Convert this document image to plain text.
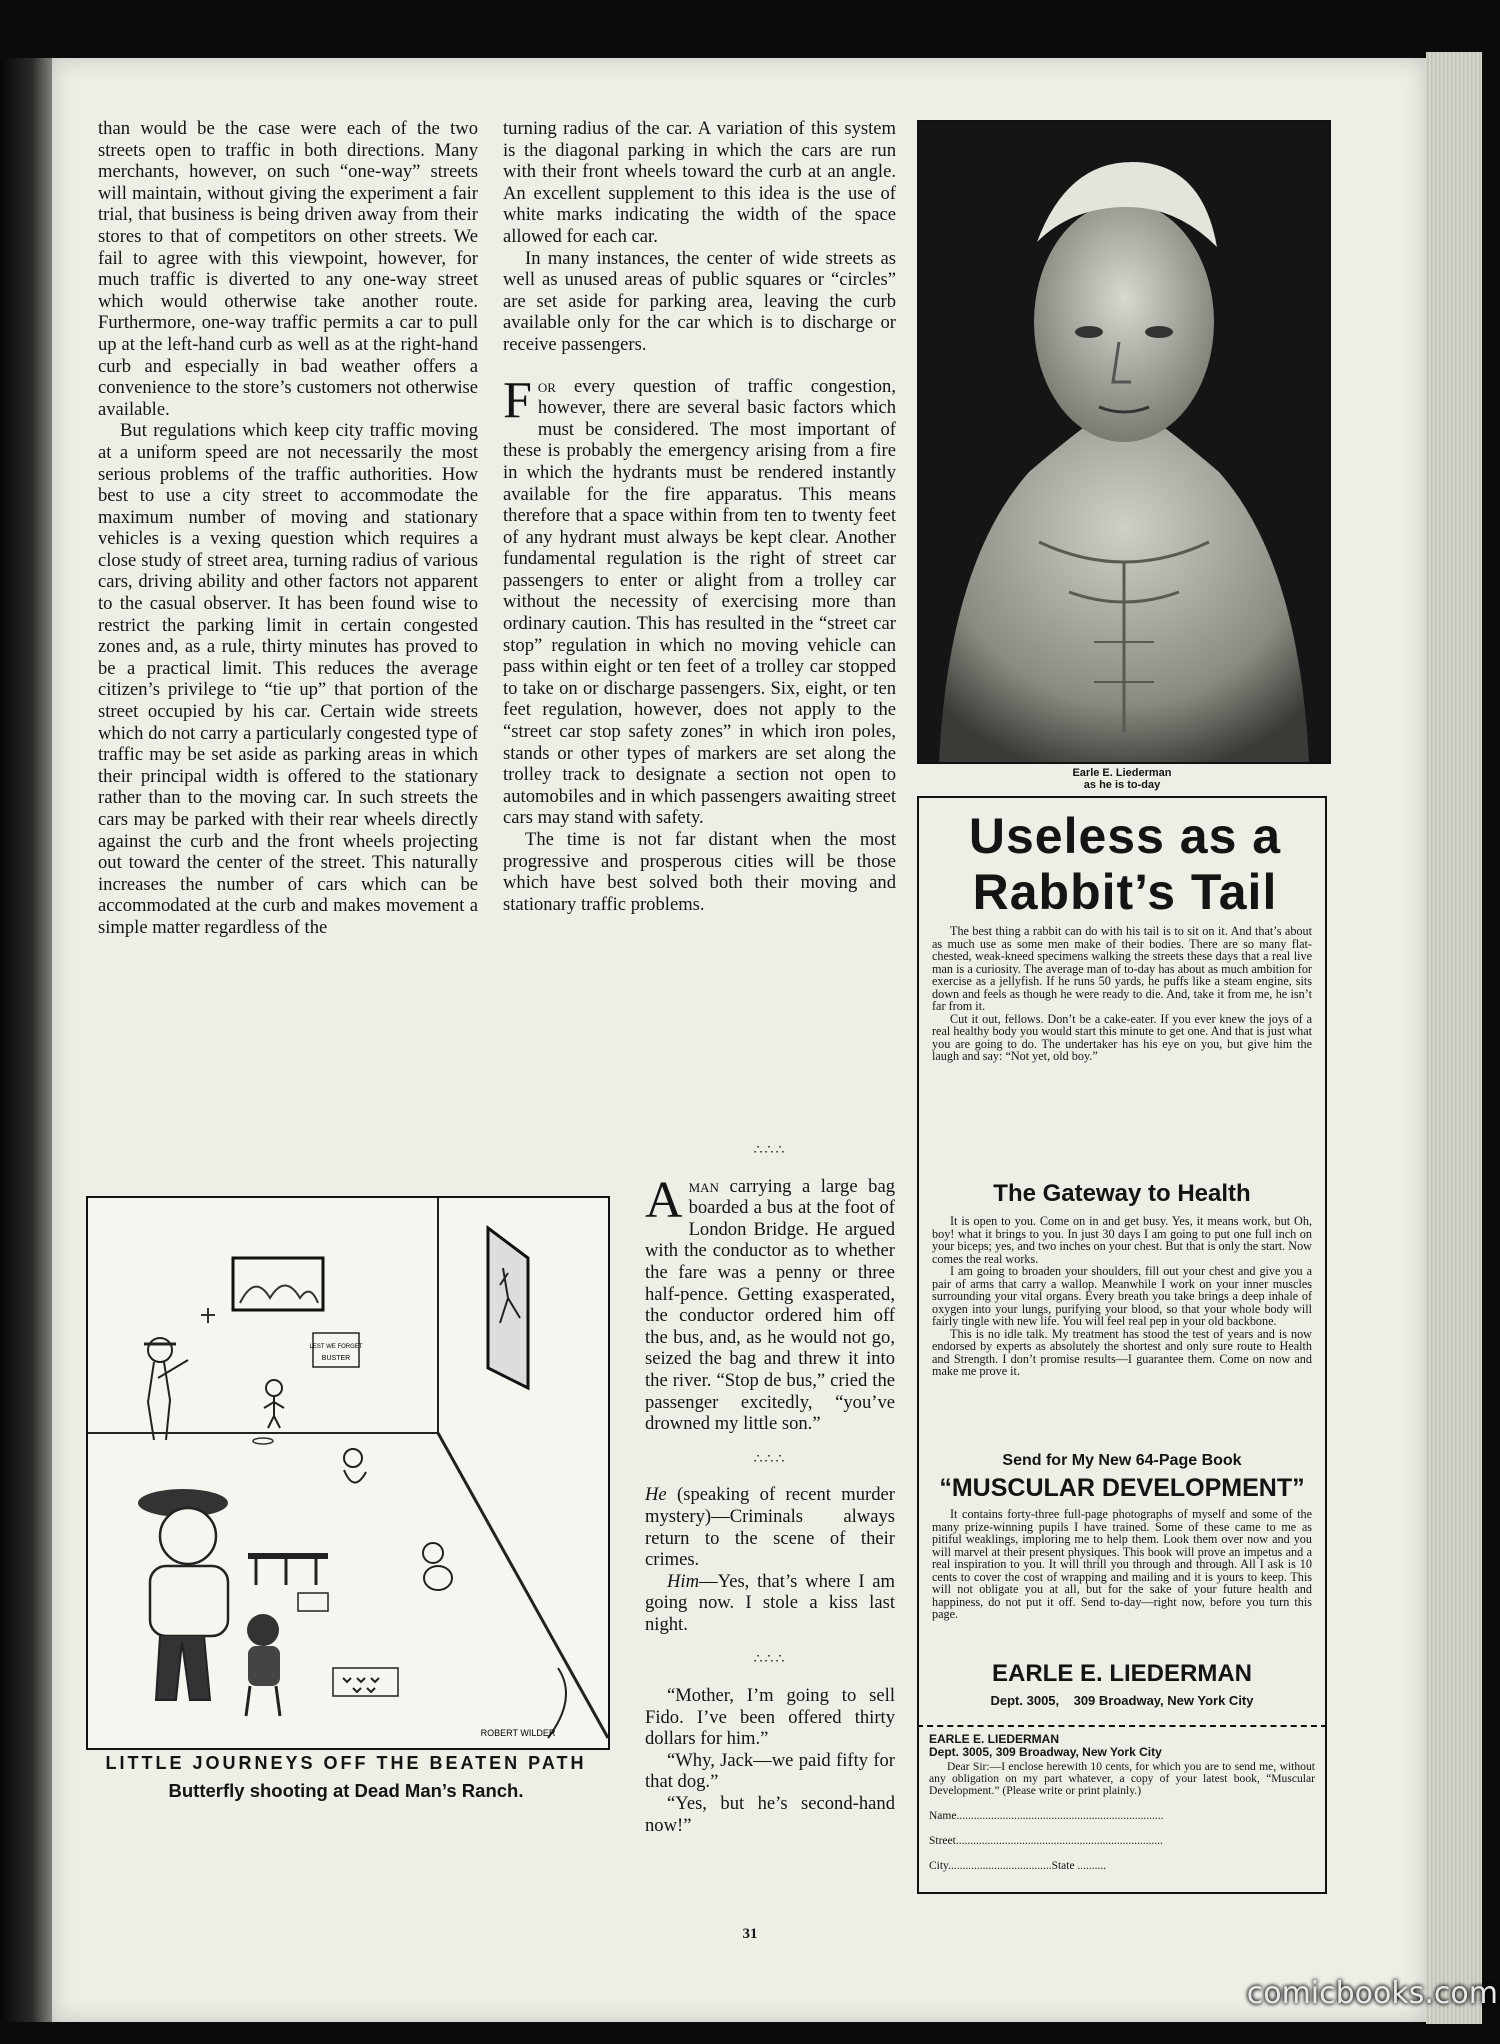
than would be the case were each of the two streets open to traffic in both directions. Many merchants, however, on such “one-way” streets will maintain, without giving the experiment a fair trial, that business is being driven away from their stores to that of competitors on other streets. We fail to agree with this viewpoint, however, for much traffic is diverted to any one-way street which would otherwise take another route. Furthermore, one-way traffic permits a car to pull up at the left-hand curb as well as at the right-hand curb and especially in bad weather offers a convenience to the store’s customers not otherwise available.

But regulations which keep city traffic moving at a uniform speed are not necessarily the most serious problems of the traffic authorities. How best to use a city street to accommodate the maximum number of moving and stationary vehicles is a vexing question which requires a close study of street area, turning radius of various cars, driving ability and other factors not apparent to the casual observer. It has been found wise to restrict the parking limit in certain congested zones and, as a rule, thirty minutes has proved to be a practical limit. This reduces the average citizen’s privilege to “tie up” that portion of the street occupied by his car. Certain wide streets which do not carry a particularly congested type of traffic may be set aside as parking areas in which their principal width is offered to the stationary rather than to the moving car. In such streets the cars may be parked with their rear wheels directly against the curb and the front wheels projecting out toward the center of the street. This naturally increases the number of cars which can be accommodated at the curb and makes movement a simple matter regardless of the

turning radius of the car. A variation of this system is the diagonal parking in which the cars are run with their front wheels toward the curb at an angle. An excellent supplement to this idea is the use of white marks indicating the width of the space allowed for each car.

In many instances, the center of wide streets as well as unused areas of public squares or “circles” are set aside for parking area, leaving the curb available only for the car which is to discharge or receive passengers.

For every question of traffic congestion, however, there are several basic factors which must be considered. The most important of these is probably the emergency arising from a fire in which the hydrants must be rendered instantly available for the fire apparatus. This means therefore that a space within from ten to twenty feet of any hydrant must always be kept clear. Another fundamental regulation is the right of street car passengers to enter or alight from a trolley car without the necessity of exercising more than ordinary caution. This has resulted in the “street car stop” regulation in which no moving vehicle can pass within eight or ten feet of a trolley car stopped to take on or discharge passengers. Six, eight, or ten feet regulation, however, does not apply to the “street car stop safety zones” in which iron poles, stands or other types of markers are set along the trolley track to designate a section not open to automobiles and in which passengers awaiting street cars may stand with safety.

The time is not far distant when the most progressive and prosperous cities will be those which have best solved both their moving and stationary traffic problems.

∴∴∴

Aman carrying a large bag boarded a bus at the foot of London Bridge. He argued with the conductor as to whether the fare was a penny or three half-pence. Getting exasperated, the conductor ordered him off the bus, and, as he would not go, seized the bag and threw it into the river. “Stop de bus,” cried the passenger excitedly, “you’ve drowned my little son.”

∴∴∴

He (speaking of recent murder mystery)—Criminals always return to the scene of their crimes.

Him—Yes, that’s where I am going now. I stole a kiss last night.

∴∴∴

“Mother, I’m going to sell Fido. I’ve been offered thirty dollars for him.”

“Why, Jack—we paid fifty for that dog.”

“Yes, but he’s second-hand now!”

LEST WE FORGET
BUSTER
ROBERT WILDER
LITTLE JOURNEYS OFF THE BEATEN PATH
Butterfly shooting at Dead Man’s Ranch.
Earle E. Liederman
as he is to-day
Useless as a Rabbit’s Tail

The best thing a rabbit can do with his tail is to sit on it. And that’s about as much use as some men make of their bodies. There are so many flat-chested, weak-kneed specimens walking the streets these days that a real live man is a curiosity. The average man of to-day has about as much ambition for exercise as a jellyfish. If he runs 50 yards, he puffs like a steam engine, sits down and feels as though he were ready to die. And, take it from me, he isn’t far from it.

Cut it out, fellows. Don’t be a cake-eater. If you ever knew the joys of a real healthy body you would start this minute to get one. And that is just what you are going to do. The undertaker has his eye on you, but give him the laugh and say: “Not yet, old boy.”

The Gateway to Health

It is open to you. Come on in and get busy. Yes, it means work, but Oh, boy! what it brings to you. In just 30 days I am going to put one full inch on your biceps; yes, and two inches on your chest. But that is only the start. Now comes the real works.

I am going to broaden your shoulders, fill out your chest and give you a pair of arms that carry a wallop. Meanwhile I work on your inner muscles surrounding your vital organs. Every breath you take brings a deep inhale of oxygen into your lungs, purifying your blood, so that your whole body will fairly tingle with new life. You will feel real pep in your old backbone.

This is no idle talk. My treatment has stood the test of years and is now endorsed by experts as absolutely the shortest and only sure route to Health and Strength. I don’t promise results—I guarantee them. Come on now and make me prove it.

Send for My New 64-Page Book
“MUSCULAR DEVELOPMENT”

It contains forty-three full-page photographs of myself and some of the many prize-winning pupils I have trained. Some of these came to me as pitiful weaklings, imploring me to help them. Look them over now and you will marvel at their present physiques. This book will prove an impetus and a real inspiration to you. It will thrill you through and through. All I ask is 10 cents to cover the cost of wrapping and mailing and it is yours to keep. This will not obligate you at all, but for the sake of your future health and happiness, do not put it off. Send to-day—right now, before you turn this page.

EARLE E. LIEDERMAN
Dept. 3005,    309 Broadway, New York City
EARLE E. LIEDERMAN
Dept. 3005, 309 Broadway, New York City
Dear Sir:—I enclose herewith 10 cents, for which you are to send me, without any obligation on my part whatever, a copy of your latest book, “Muscular Development.” (Please write or print plainly.)
Name........................................................................
Street........................................................................
City....................................State ..........
31
comicbooks.com
